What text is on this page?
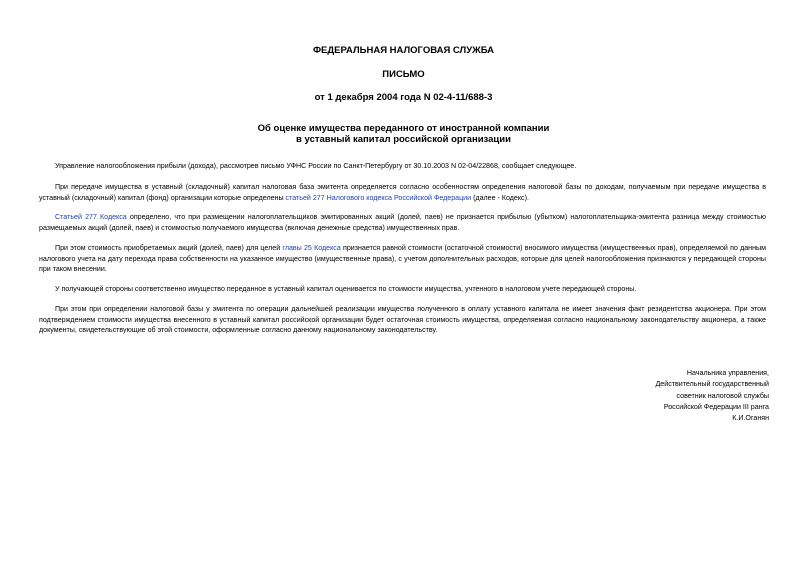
ФЕДЕРАЛЬНАЯ НАЛОГОВАЯ СЛУЖБА
ПИСЬМО
от 1 декабря 2004 года N 02-4-11/688-3
Об оценке имущества переданного от иностранной компании
в уставный капитал российской организации

Управление налогообложения прибыли (дохода), рассмотрев письмо УФНС России по Санкт-Петербургу от 30.10.2003 N 02-04/22868, сообщает следующее.

При передаче имущества в уставный (складочный) капитал налоговая база эмитента определяется согласно особенностям определения налоговой базы по доходам, получаемым при передаче имущества в уставный (складочный) капитал (фонд) организации которые определены статьей 277 Налогового кодекса Российской Федерации (далее - Кодекс).

Статьей 277 Кодекса определено, что при размещении налогоплательщиков эмитированных акций (долей, паев) не признается прибылью (убытком) налогоплательщика-эмитента разница между стоимостью размещаемых акций (долей, паев) и стоимостью получаемого имущества (включая денежные средства) имущественных прав.

При этом стоимость приобретаемых акций (долей, паев) для целей главы 25 Кодекса признается равной стоимости (остаточной стоимости) вносимого имущества (имущественных прав), определяемой по данным налогового учета на дату перехода права собственности на указанное имущество (имущественные права), с учетом дополнительных расходов, которые для целей налогообложения признаются у передающей стороны при таком внесении.

У получающей стороны соответственно имущество переданное в уставный капитал оценивается по стоимости имущества, учтенного в налоговом учете передающей стороны.

При этом при определении налоговой базы у эмитента по операции дальнейшей реализации имущества полученного в оплату уставного капитала не имеет значения факт резидентства акционера. При этом подтверждением стоимости имущества внесенного в уставный капитал российской организации будет остаточная стоимость имущества, определяемая согласно национальному законодательству акционера, а также документы, свидетельствующие об этой стоимости, оформленные согласно данному национальному законодательству.

Начальника управления,
Действительный государственный
советник налоговой службы
Российской Федерации III ранга
К.И.Оганян
